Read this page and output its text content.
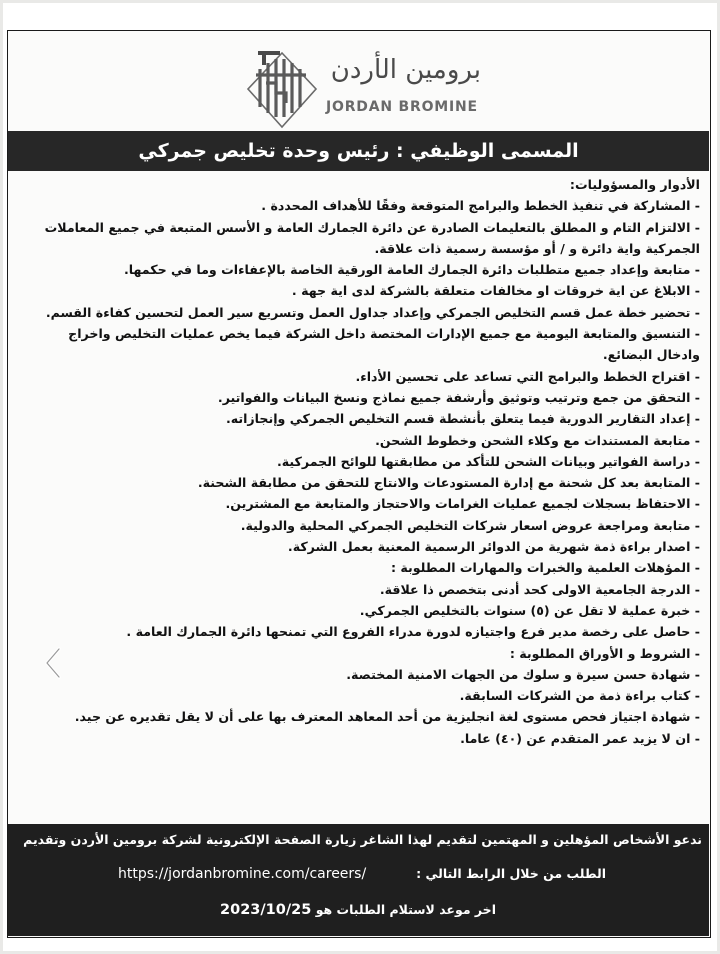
برومين الأردن
JORDAN BROMINE
المسمى الوظيفي : رئيس وحدة تخليص جمركي

الأدوار والمسؤوليات:

- المشاركة في تنفيذ الخطط والبرامج المتوقعة وفقًا للأهداف المحددة .

- الالتزام التام و المطلق بالتعليمات الصادرة عن دائرة الجمارك العامة و الأسس المتبعة في جميع المعاملات

الجمركية واية دائرة و / أو مؤسسة رسمية ذات علاقة.

- متابعة وإعداد جميع متطلبات دائرة الجمارك العامة الورقية الخاصة بالإعفاءات وما في حكمها.

- الابلاغ عن اية خروقات او مخالفات متعلقة بالشركة لدى اية جهة .

- تحضير خطة عمل قسم التخليص الجمركي وإعداد جداول العمل وتسريع سير العمل لتحسين كفاءة القسم.

- التنسيق والمتابعة اليومية مع جميع الإدارات المختصة داخل الشركة فيما يخص عمليات التخليص واخراج

وادخال البضائع.

- اقتراح الخطط والبرامج التي تساعد على تحسين الأداء.

- التحقق من جمع وترتيب وتوثيق وأرشفة جميع نماذج ونسخ البيانات والفواتير.

- إعداد التقارير الدورية فيما يتعلق بأنشطة قسم التخليص الجمركي وإنجازاته.

- متابعة المستندات مع وكلاء الشحن وخطوط الشحن.

- دراسة الفواتير وبيانات الشحن للتأكد من مطابقتها للوائح الجمركية.

- المتابعة بعد كل شحنة مع إدارة المستودعات والانتاج للتحقق من مطابقة الشحنة.

- الاحتفاظ بسجلات لجميع عمليات الغرامات والاحتجاز والمتابعة مع المشترين.

- متابعة ومراجعة عروض اسعار شركات التخليص الجمركي المحلية والدولية.

- اصدار براءة ذمة شهرية من الدوائر الرسمية المعنية بعمل الشركة.

- المؤهلات العلمية والخبرات والمهارات المطلوبة :

- الدرجة الجامعية الاولى كحد أدنى بتخصص ذا علاقة.

- خبرة عملية لا تقل عن (٥) سنوات بالتخليص الجمركي.

- حاصل على رخصة مدير فرع واجتيازه لدورة مدراء الفروع التي تمنحها دائرة الجمارك العامة .

- الشروط و الأوراق المطلوبة :

- شهادة حسن سيرة و سلوك من الجهات الامنية المختصة.

- كتاب براءة ذمة من الشركات السابقة.

- شهادة اجتياز فحص مستوى لغة انجليزية من أحد المعاهد المعترف بها على أن لا يقل تقديره عن جيد.

- ان لا يزيد عمر المتقدم عن (٤٠) عاما.

ندعو الأشخاص المؤهلين و المهتمين لتقديم لهذا الشاغر زيارة الصفحة الإلكترونية لشركة برومين الأردن وتقديم
https://jordanbromine.com/careers/	الطلب من خلال الرابط التالي :
اخر موعد لاستلام الطلبات هو 2023/10/25
